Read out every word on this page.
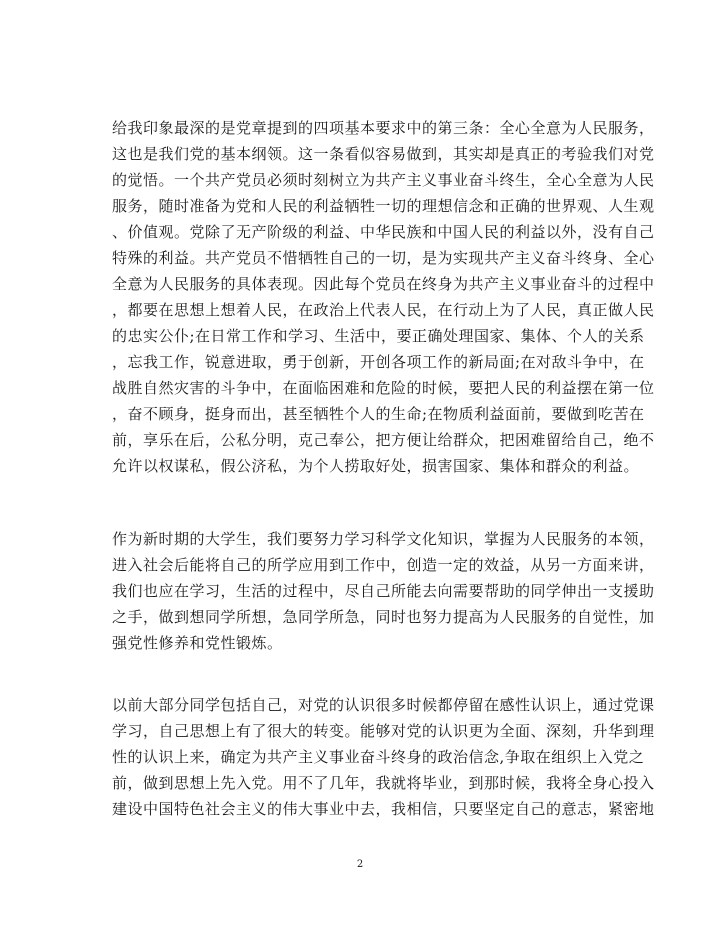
给我印象最深的是党章提到的四项基本要求中的第三条：全心全意为人民服务，
这也是我们党的基本纲领。这一条看似容易做到，其实却是真正的考验我们对党
的觉悟。一个共产党员必须时刻树立为共产主义事业奋斗终生，全心全意为人民
服务，随时准备为党和人民的利益牺牲一切的理想信念和正确的世界观、人生观
、价值观。党除了无产阶级的利益、中华民族和中国人民的利益以外，没有自己
特殊的利益。共产党员不惜牺牲自己的一切，是为实现共产主义奋斗终身、全心
全意为人民服务的具体表现。因此每个党员在终身为共产主义事业奋斗的过程中
，都要在思想上想着人民，在政治上代表人民，在行动上为了人民，真正做人民
的忠实公仆;在日常工作和学习、生活中，要正确处理国家、集体、个人的关系
，忘我工作，锐意进取，勇于创新，开创各项工作的新局面;在对敌斗争中，在
战胜自然灾害的斗争中，在面临困难和危险的时候，要把人民的利益摆在第一位
，奋不顾身，挺身而出，甚至牺牲个人的生命;在物质利益面前，要做到吃苦在
前，享乐在后，公私分明，克己奉公，把方便让给群众，把困难留给自己，绝不
允许以权谋私，假公济私，为个人捞取好处，损害国家、集体和群众的利益。
作为新时期的大学生，我们要努力学习科学文化知识，掌握为人民服务的本领，
进入社会后能将自己的所学应用到工作中，创造一定的效益，从另一方面来讲，
我们也应在学习，生活的过程中，尽自己所能去向需要帮助的同学伸出一支援助
之手，做到想同学所想，急同学所急，同时也努力提高为人民服务的自觉性，加
强党性修养和党性锻炼。
以前大部分同学包括自己，对党的认识很多时候都停留在感性认识上，通过党课
学习，自己思想上有了很大的转变。能够对党的认识更为全面、深刻，升华到理
性的认识上来，确定为共产主义事业奋斗终身的政治信念,争取在组织上入党之
前，做到思想上先入党。用不了几年，我就将毕业，到那时候，我将全身心投入
建设中国特色社会主义的伟大事业中去，我相信，只要坚定自己的意志，紧密地
2
